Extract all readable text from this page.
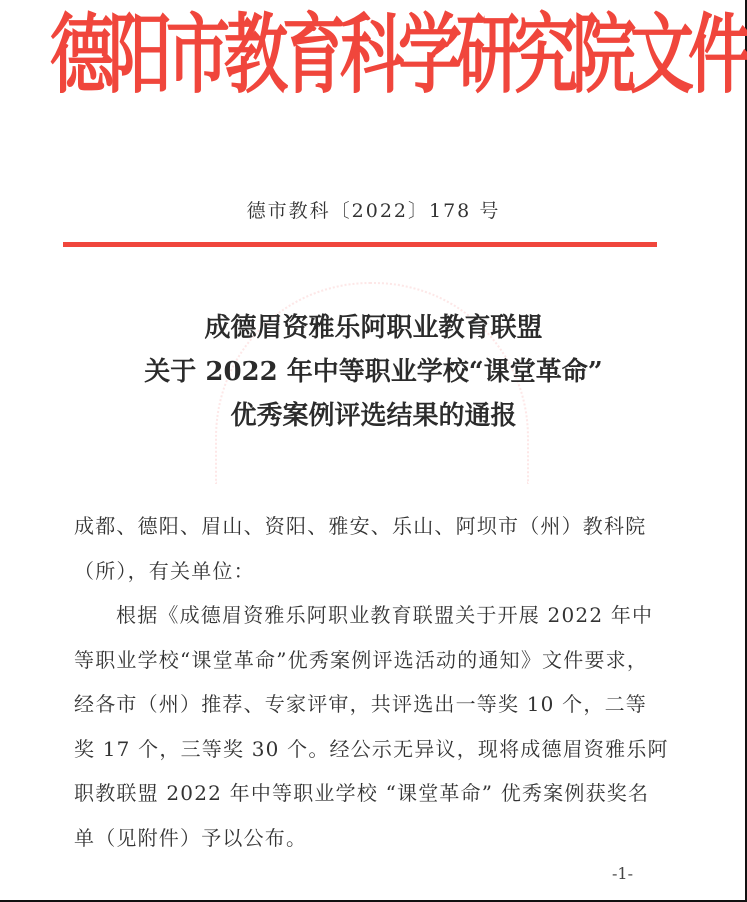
德阳市教育科学研究院文件
德市教科〔2022〕178 号
成德眉资雅乐阿职业教育联盟
关于 2022 年中等职业学校“课堂革命”
优秀案例评选结果的通报
成都、德阳、眉山、资阳、雅安、乐山、阿坝市（州）教科院
（所），有关单位：
根据《成德眉资雅乐阿职业教育联盟关于开展 2022 年中
等职业学校“课堂革命”优秀案例评选活动的通知》文件要求，
经各市（州）推荐、专家评审，共评选出一等奖 10 个，二等
奖 17 个，三等奖 30 个。经公示无异议，现将成德眉资雅乐阿
职教联盟 2022 年中等职业学校 “课堂革命” 优秀案例获奖名
单（见附件）予以公布。
-1-
